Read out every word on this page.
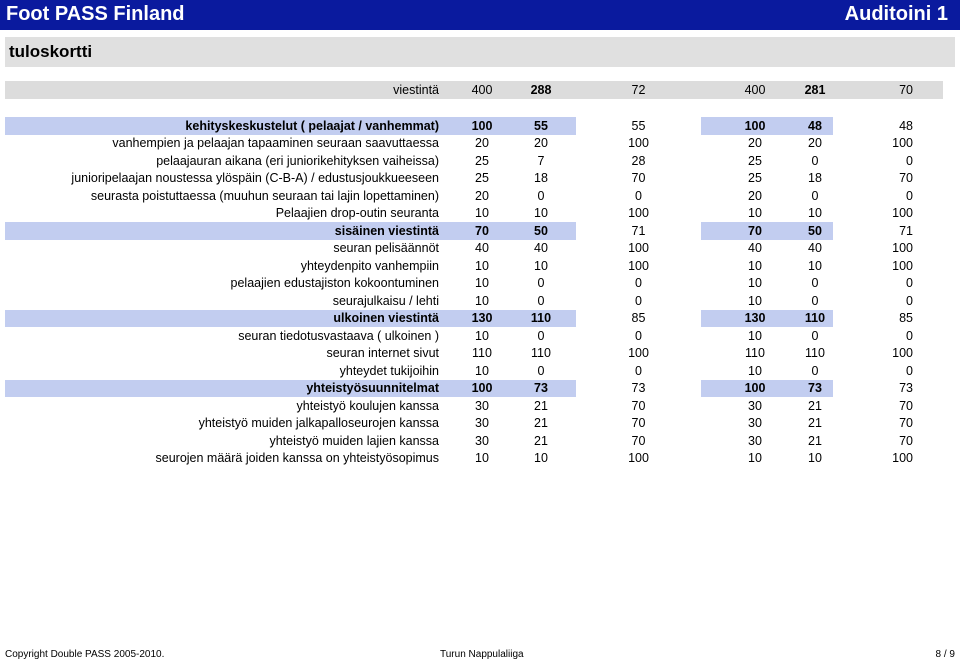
Foot PASS Finland	Auditoini 1
tuloskortti
viestintä	400	288	72	400	281	70
kehityskeskustelut ( pelaajat / vanhemmat)	100	55	55	100	48	48
vanhempien ja pelaajan tapaaminen seuraan saavuttaessa	20	20	100	20	20	100
pelaajauran aikana (eri juniorikehityksen vaiheissa)	25	7	28	25	0	0
junioripelaajan noustessa ylöspäin (C-B-A) / edustusjoukkueeseen	25	18	70	25	18	70
seurasta poistuttaessa (muuhun seuraan tai lajin lopettaminen)	20	0	0	20	0	0
Pelaajien drop-outin seuranta	10	10	100	10	10	100
sisäinen viestintä	70	50	71	70	50	71
seuran pelisäännöt	40	40	100	40	40	100
yhteydenpito vanhempiin	10	10	100	10	10	100
pelaajien edustajiston kokoontuminen	10	0	0	10	0	0
seurajulkaisu / lehti	10	0	0	10	0	0
ulkoinen viestintä	130	110	85	130	110	85
seuran tiedotusvastaava ( ulkoinen )	10	0	0	10	0	0
seuran internet sivut	110	110	100	110	110	100
yhteydet tukijoihin	10	0	0	10	0	0
yhteistyösuunnitelmat	100	73	73	100	73	73
yhteistyö koulujen kanssa	30	21	70	30	21	70
yhteistyö muiden jalkapalloseurojen kanssa	30	21	70	30	21	70
yhteistyö muiden lajien kanssa	30	21	70	30	21	70
seurojen määrä joiden kanssa on yhteistyösopimus	10	10	100	10	10	100
Copyright Double PASS 2005-2010.	Turun Nappulaliiga	8 / 9
